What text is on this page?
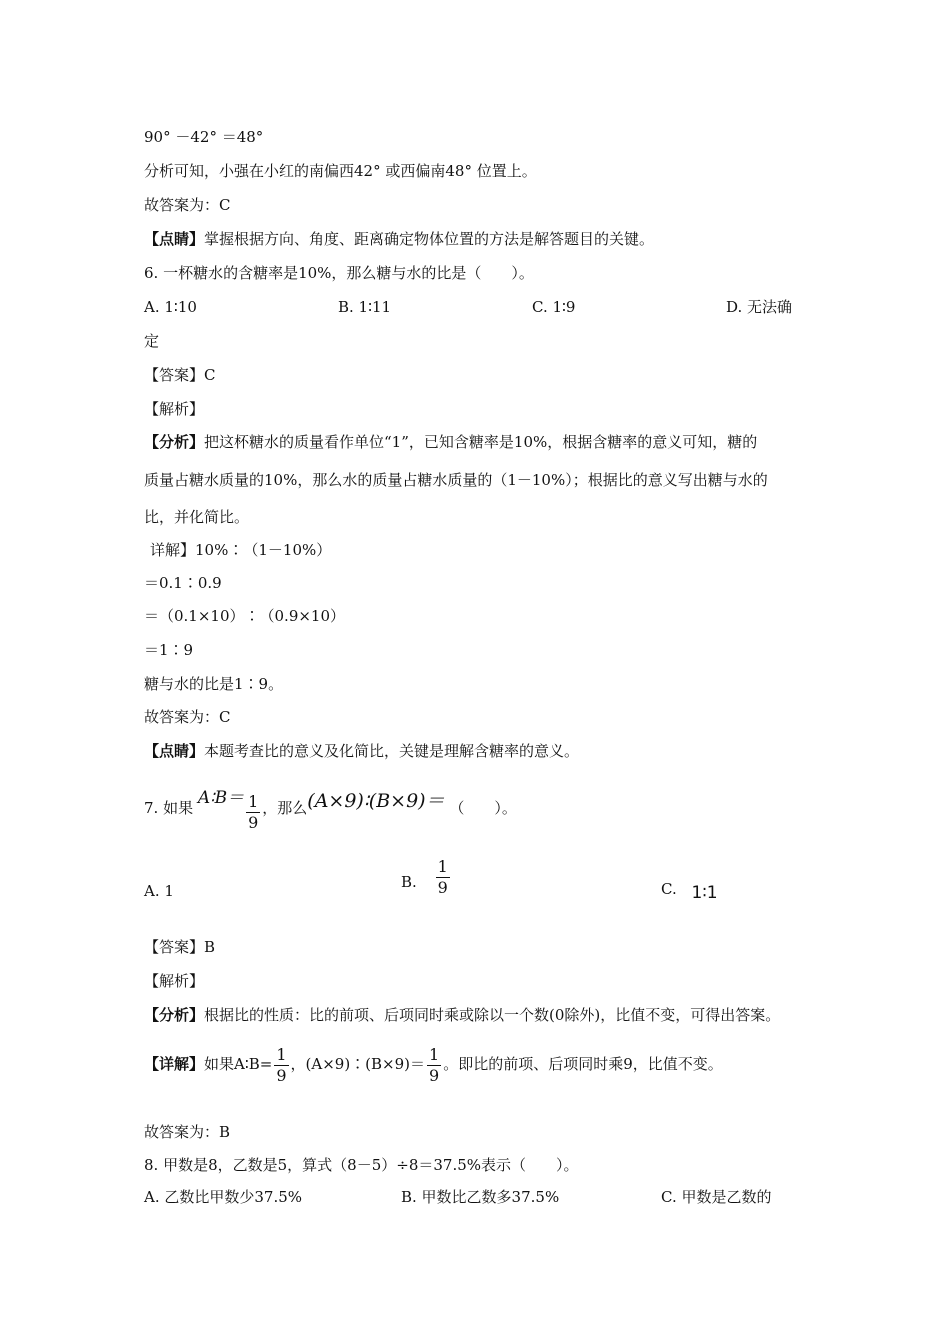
90° －42° ＝48°
分析可知，小强在小红的南偏西42° 或西偏南48° 位置上。
故答案为：C
【点睛】掌握根据方向、角度、距离确定物体位置的方法是解答题目的关键。
6. 一杯糖水的含糖率是10%，那么糖与水的比是（　　）。
A. 1∶10	B. 1∶11	C. 1∶9	D. 无法确
定
【答案】C
【解析】
【分析】把这杯糖水的质量看作单位“1”，已知含糖率是10%，根据含糖率的意义可知，糖的
质量占糖水质量的10%，那么水的质量占糖水质量的（1－10%）；根据比的意义写出糖与水的
比，并化简比。
详解】10%∶（1－10%）
＝0.1∶0.9
＝（0.1×10）∶（0.9×10）
＝1∶9
糖与水的比是1∶9。
故答案为：C
【点睛】本题考查比的意义及化简比，关键是理解含糖率的意义。
7. 如果 A∶B＝ $\frac{1}{9}$ ，那么(A×9)∶(B×9)＝ （　　）。
A. 1	B. $\frac{1}{9}$	C. 1∶1
【答案】B
【解析】
【分析】根据比的性质：比的前项、后项同时乘或除以一个数(0除外)，比值不变，可得出答案。
【详解】如果A∶B= $\frac{1}{9}$ ，(A×9)∶(B×9)＝ $\frac{1}{9}$ 。即比的前项、后项同时乘9，比值不变。
故答案为：B
8. 甲数是8，乙数是5，算式（8－5）÷8＝37.5%表示（　　）。
A. 乙数比甲数少37.5%	B. 甲数比乙数多37.5%	C. 甲数是乙数的
